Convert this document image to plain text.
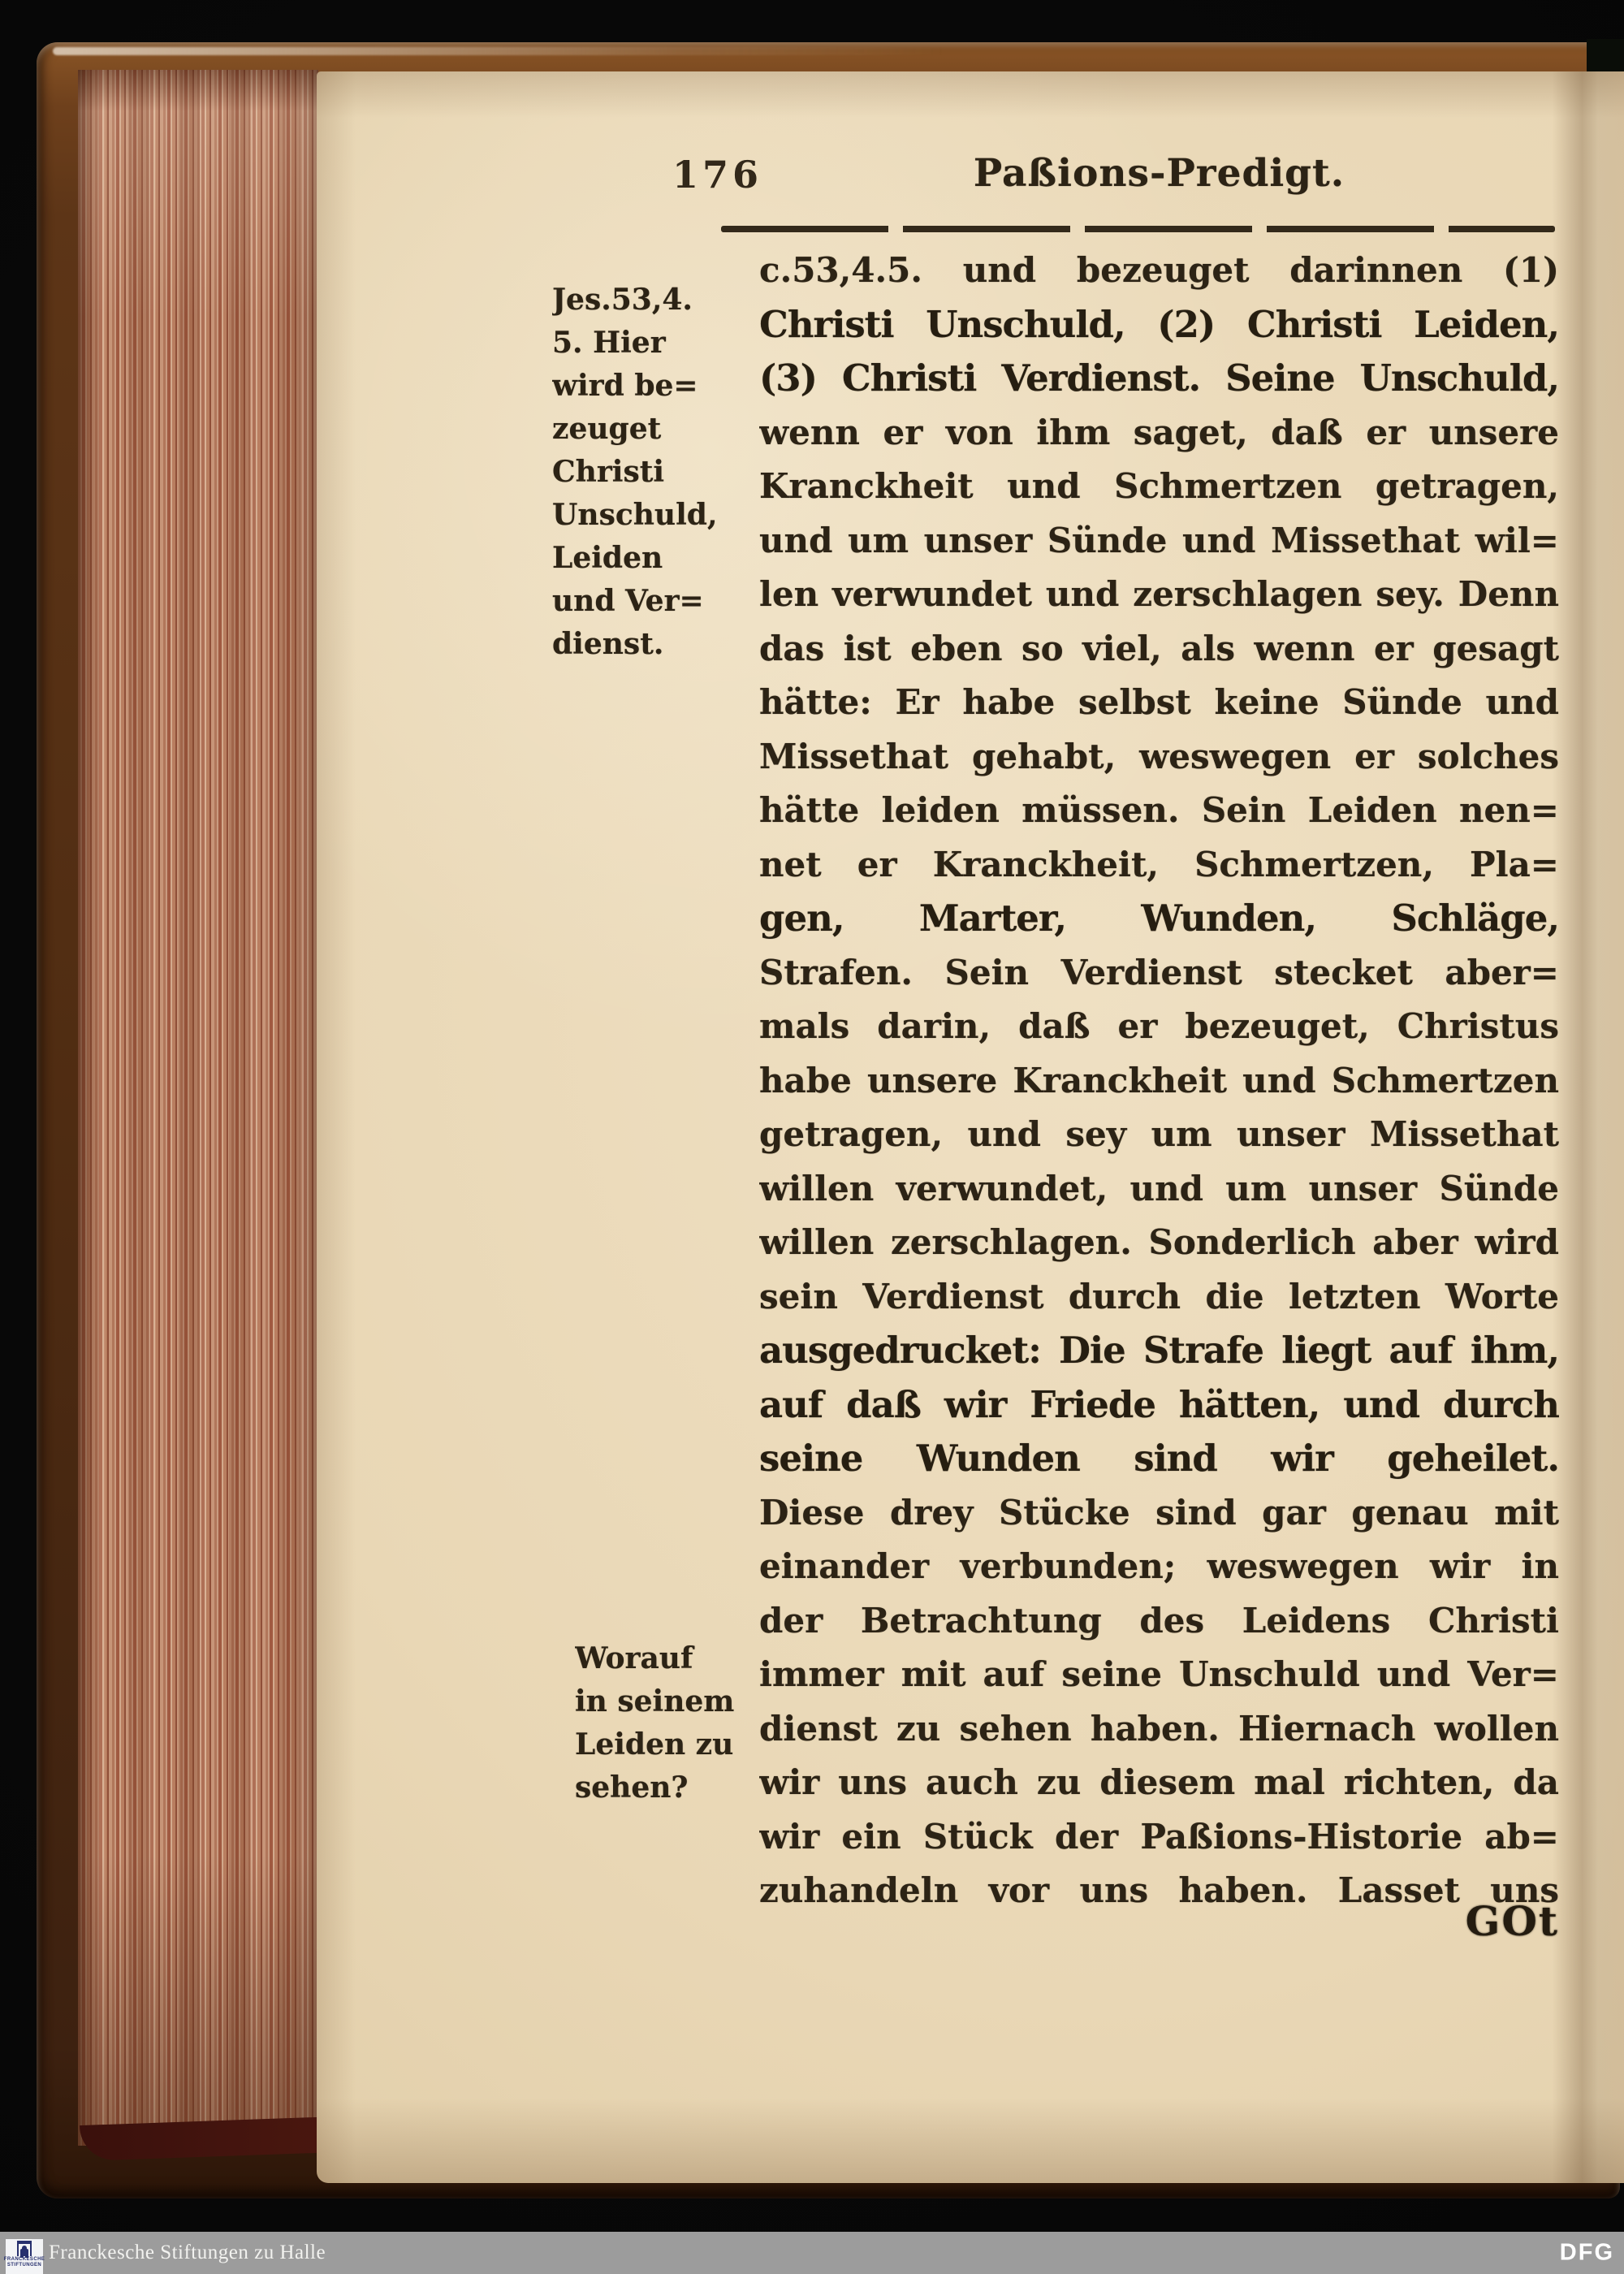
176	Paßions-Predigt.
Jes.53,4.
5. Hier
wird be=
zeuget
Christi
Unschuld,
Leiden
und Ver=
dienst.
Worauf
in seinem
Leiden zu
sehen?
c.53,4.5. und bezeuget darinnen (1)
Christi Unschuld, (2) Christi Leiden,
(3) Christi Verdienst. Seine Unschuld,
wenn er von ihm saget, daß er unsere
Kranckheit und Schmertzen getragen,
und um unser Sünde und Missethat wil=
len verwundet und zerschlagen sey. Denn
das ist eben so viel, als wenn er gesagt
hätte: Er habe selbst keine Sünde und
Missethat gehabt, weswegen er solches
hätte leiden müssen. Sein Leiden nen=
net er Kranckheit, Schmertzen, Pla=
gen, Marter, Wunden, Schläge,
Strafen. Sein Verdienst stecket aber=
mals darin, daß er bezeuget, Christus
habe unsere Kranckheit und Schmertzen
getragen, und sey um unser Missethat
willen verwundet, und um unser Sünde
willen zerschlagen. Sonderlich aber wird
sein Verdienst durch die letzten Worte
ausgedrucket: Die Strafe liegt auf ihm,
auf daß wir Friede hätten, und durch
seine Wunden sind wir geheilet.
Diese drey Stücke sind gar genau mit
einander verbunden; weswegen wir in
der Betrachtung des Leidens Christi
immer mit auf seine Unschuld und Ver=
dienst zu sehen haben. Hiernach wollen
wir uns auch zu diesem mal richten, da
wir ein Stück der Paßions-Historie ab=
zuhandeln vor uns haben. Lasset uns
GOt
FRANCKESCHE
STIFTUNGEN
Franckesche Stiftungen zu Halle	DFG
